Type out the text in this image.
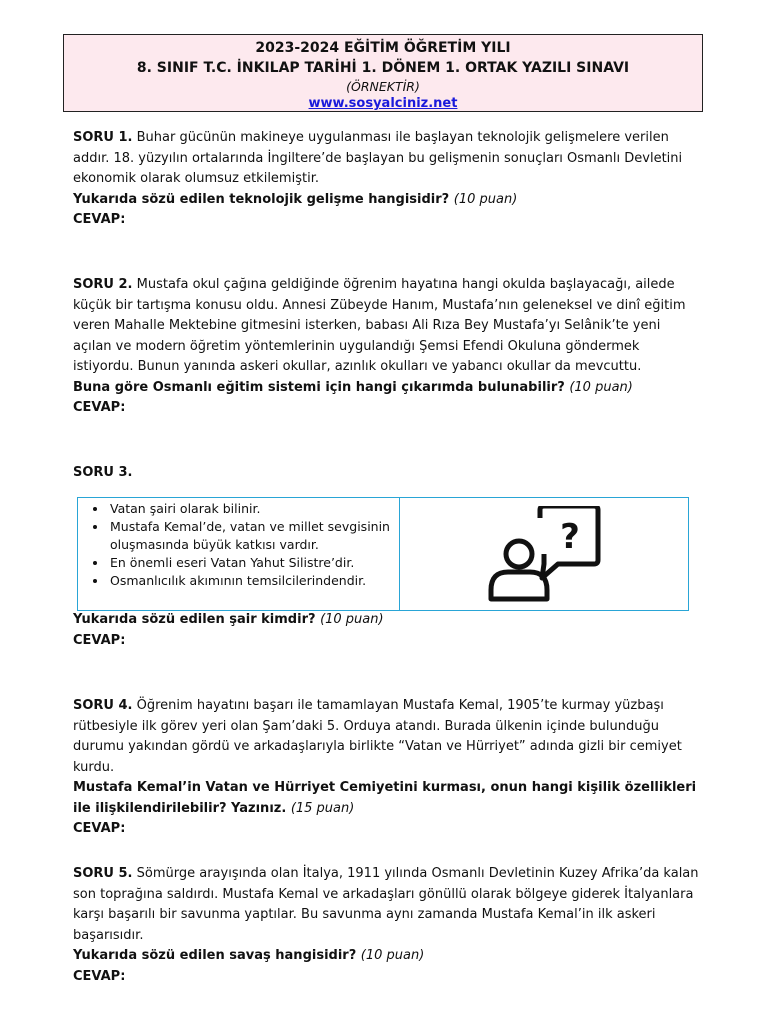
2023-2024 EĞİTİM ÖĞRETİM YILI
8. SINIF T.C. İNKILAP TARİHİ 1. DÖNEM 1. ORTAK YAZILI SINAVI
(ÖRNEKTİR)
www.sosyalciniz.net

SORU 1. Buhar gücünün makineye uygulanması ile başlayan teknolojik gelişmelere verilen addır. 18. yüzyılın ortalarında İngiltere’de başlayan bu gelişmenin sonuçları Osmanlı Devletini ekonomik olarak olumsuz etkilemiştir.

Yukarıda sözü edilen teknolojik gelişme hangisidir? (10 puan)

CEVAP:

SORU 2. Mustafa okul çağına geldiğinde öğrenim hayatına hangi okulda başlayacağı, ailede küçük bir tartışma konusu oldu. Annesi Zübeyde Hanım, Mustafa’nın geleneksel ve dinî eğitim veren Mahalle Mektebine gitmesini isterken, babası Ali Rıza Bey Mustafa’yı Selânik’te yeni açılan ve modern öğretim yöntemlerinin uygulandığı Şemsi Efendi Okuluna göndermek istiyordu. Bunun yanında askeri okullar, azınlık okulları ve yabancı okullar da mevcuttu.

Buna göre Osmanlı eğitim sistemi için hangi çıkarımda bulunabilir? (10 puan)

CEVAP:

SORU 3.

• Vatan şairi olarak bilinir.
• Mustafa Kemal’de, vatan ve millet sevgisinin oluşmasında büyük katkısı vardır.
• En önemli eseri Vatan Yahut Silistre’dir.
• Osmanlıcılık akımının temsilcilerindendir.
?

Yukarıda sözü edilen şair kimdir? (10 puan)

CEVAP:

SORU 4. Öğrenim hayatını başarı ile tamamlayan Mustafa Kemal, 1905’te kurmay yüzbaşı rütbesiyle ilk görev yeri olan Şam’daki 5. Orduya atandı. Burada ülkenin içinde bulunduğu durumu yakından gördü ve arkadaşlarıyla birlikte “Vatan ve Hürriyet” adında gizli bir cemiyet kurdu.

Mustafa Kemal’in Vatan ve Hürriyet Cemiyetini kurması, onun hangi kişilik özellikleri ile ilişkilendirilebilir? Yazınız. (15 puan)

CEVAP:

SORU 5. Sömürge arayışında olan İtalya, 1911 yılında Osmanlı Devletinin Kuzey Afrika’da kalan son toprağına saldırdı. Mustafa Kemal ve arkadaşları gönüllü olarak bölgeye giderek İtalyanlara karşı başarılı bir savunma yaptılar. Bu savunma aynı zamanda Mustafa Kemal’in ilk askeri başarısıdır.

Yukarıda sözü edilen savaş hangisidir? (10 puan)

CEVAP:
